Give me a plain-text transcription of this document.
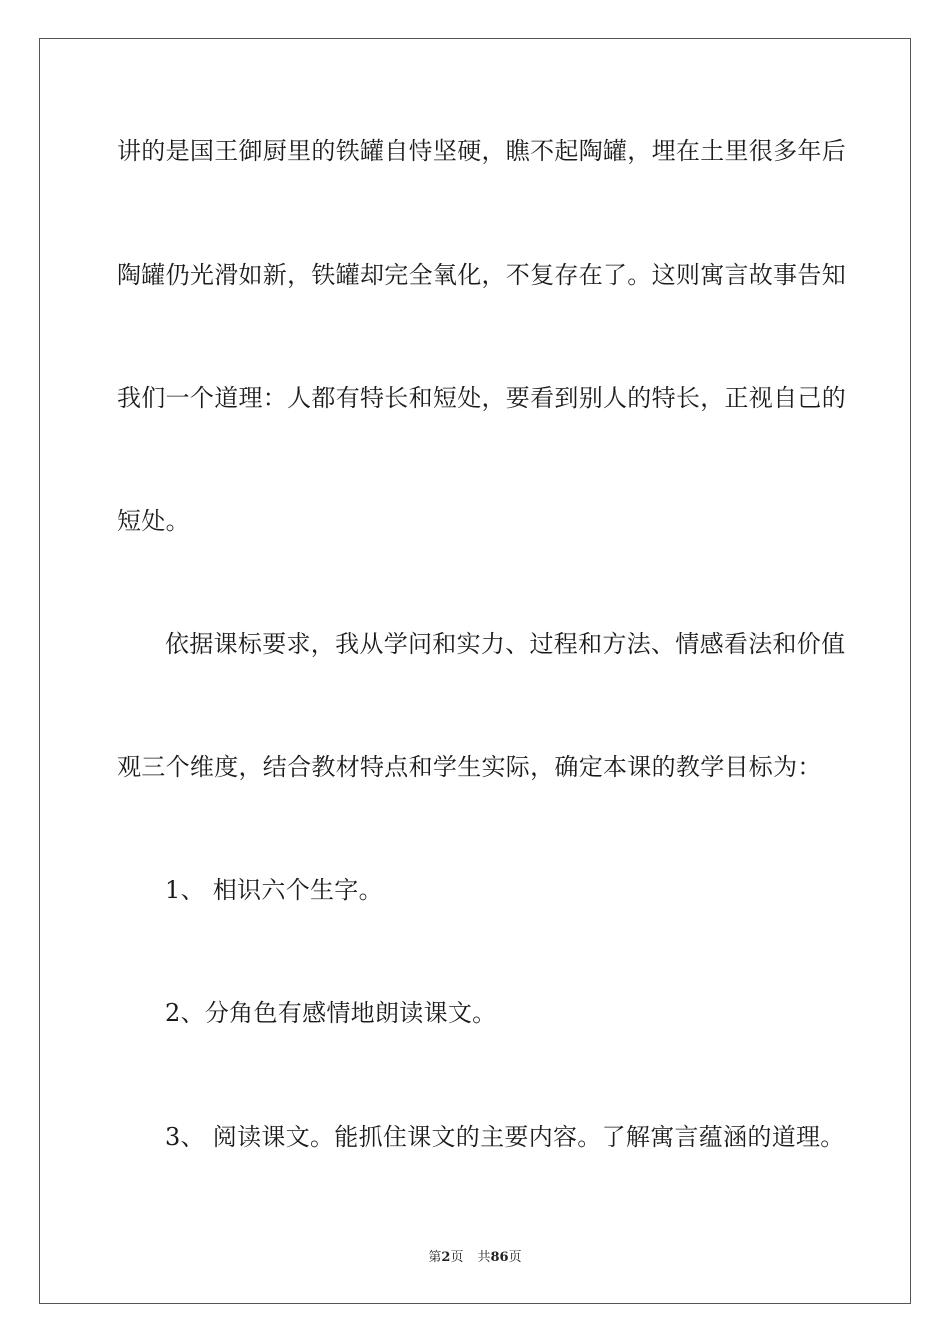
讲的是国王御厨里的铁罐自恃坚硬，瞧不起陶罐，埋在土里很多年后
陶罐仍光滑如新，铁罐却完全氧化，不复存在了。这则寓言故事告知
我们一个道理：人都有特长和短处，要看到别人的特长，正视自己的
短处。
依据课标要求，我从学问和实力、过程和方法、情感看法和价值
观三个维度，结合教材特点和学生实际，确定本课的教学目标为：
1、 相识六个生字。
2、分角色有感情地朗读课文。
3、 阅读课文。能抓住课文的主要内容。了解寓言蕴涵的道理。
第2页 共86页
